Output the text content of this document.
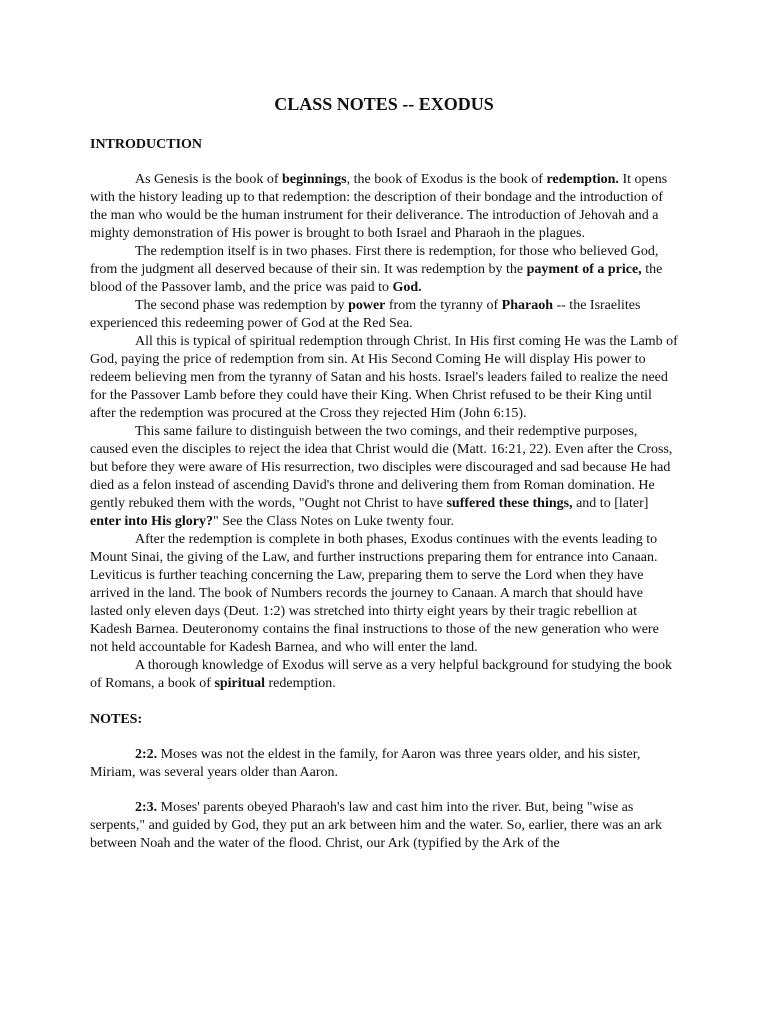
CLASS NOTES -- EXODUS
INTRODUCTION

As Genesis is the book of beginnings, the book of Exodus is the book of redemption. It opens with the history leading up to that redemption: the description of their bondage and the introduction of the man who would be the human instrument for their deliverance. The introduction of Jehovah and a mighty demonstration of His power is brought to both Israel and Pharaoh in the plagues.

The redemption itself is in two phases. First there is redemption, for those who believed God, from the judgment all deserved because of their sin. It was redemption by the payment of a price, the blood of the Passover lamb, and the price was paid to God.

The second phase was redemption by power from the tyranny of Pharaoh -- the Israelites experienced this redeeming power of God at the Red Sea.

All this is typical of spiritual redemption through Christ. In His first coming He was the Lamb of God, paying the price of redemption from sin. At His Second Coming He will display His power to redeem believing men from the tyranny of Satan and his hosts. Israel's leaders failed to realize the need for the Passover Lamb before they could have their King. When Christ refused to be their King until after the redemption was procured at the Cross they rejected Him (John 6:15).

This same failure to distinguish between the two comings, and their redemptive purposes, caused even the disciples to reject the idea that Christ would die (Matt. 16:21, 22). Even after the Cross, but before they were aware of His resurrection, two disciples were discouraged and sad because He had died as a felon instead of ascending David's throne and delivering them from Roman domination. He gently rebuked them with the words, "Ought not Christ to have suffered these things, and to [later] enter into His glory?" See the Class Notes on Luke twenty four.

After the redemption is complete in both phases, Exodus continues with the events leading to Mount Sinai, the giving of the Law, and further instructions preparing them for entrance into Canaan. Leviticus is further teaching concerning the Law, preparing them to serve the Lord when they have arrived in the land. The book of Numbers records the journey to Canaan. A march that should have lasted only eleven days (Deut. 1:2) was stretched into thirty eight years by their tragic rebellion at Kadesh Barnea. Deuteronomy contains the final instructions to those of the new generation who were not held accountable for Kadesh Barnea, and who will enter the land.

A thorough knowledge of Exodus will serve as a very helpful background for studying the book of Romans, a book of spiritual redemption.

NOTES:

2:2. Moses was not the eldest in the family, for Aaron was three years older, and his sister, Miriam, was several years older than Aaron.

2:3. Moses' parents obeyed Pharaoh's law and cast him into the river. But, being "wise as serpents," and guided by God, they put an ark between him and the water. So, earlier, there was an ark between Noah and the water of the flood. Christ, our Ark (typified by the Ark of the
